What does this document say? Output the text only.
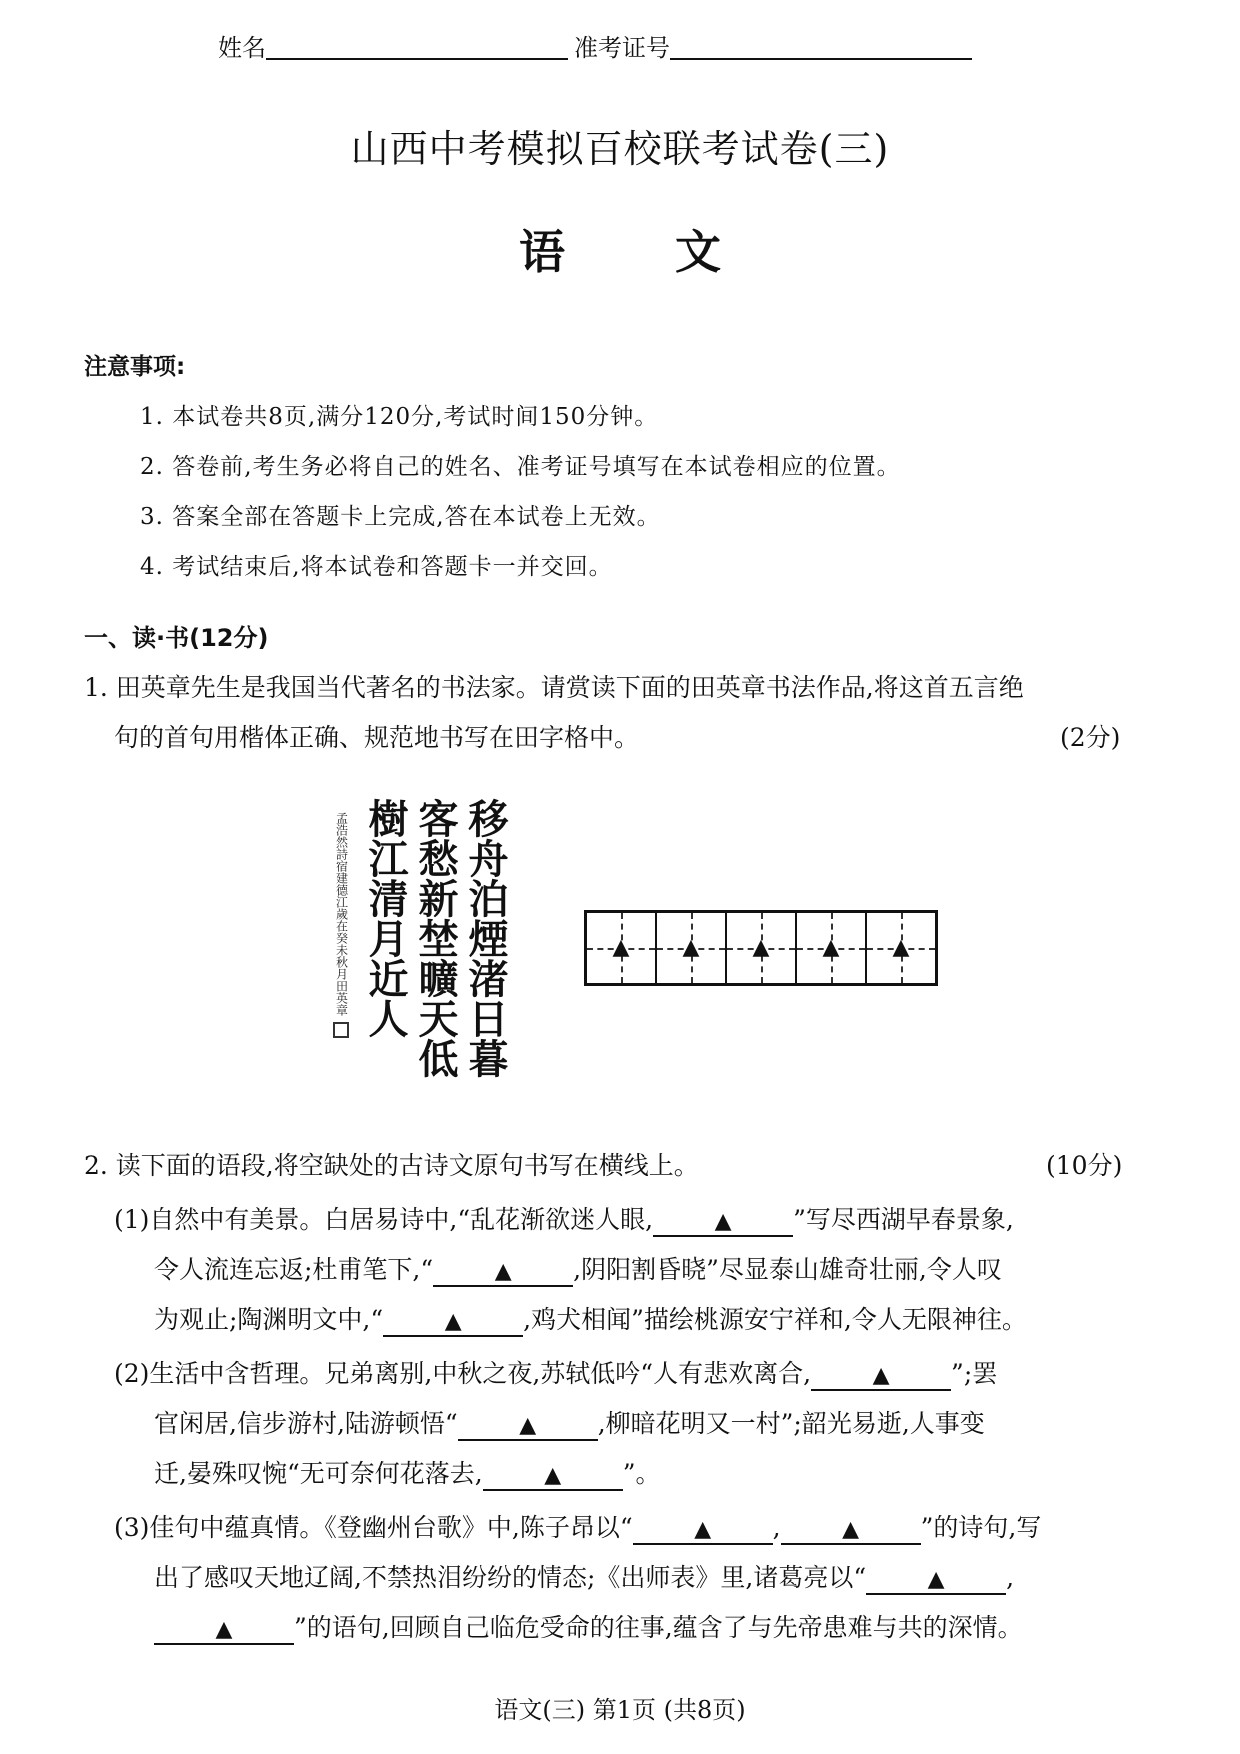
姓名	准考证号
山西中考模拟百校联考试卷(三)
语文
注意事项:
1. 本试卷共8页,满分120分,考试时间150分钟。
2. 答卷前,考生务必将自己的姓名、准考证号填写在本试卷相应的位置。
3. 答案全部在答题卡上完成,答在本试卷上无效。
4. 考试结束后,将本试卷和答题卡一并交回。
一、读·书(12分)
1. 田英章先生是我国当代著名的书法家。请赏读下面的田英章书法作品,将这首五言绝
句的首句用楷体正确、规范地书写在田字格中。	(2分)
孟浩然詩宿建德江歲在癸未秋月田英章 樹江清月近人 客愁新埜曠天低 移舟泊煙渚日暮	▲ ▲ ▲ ▲ ▲
2. 读下面的语段,将空缺处的古诗文原句书写在横线上。	(10分)
(1)自然中有美景。白居易诗中,“乱花渐欲迷人眼,	▲ ”写尽西湖早春景象,
令人流连忘返;杜甫笔下,“	▲ ,阴阳割昏晓”尽显泰山雄奇壮丽,令人叹
为观止;陶渊明文中,“	▲ ,鸡犬相闻”描绘桃源安宁祥和,令人无限神往。
(2)生活中含哲理。兄弟离别,中秋之夜,苏轼低吟“人有悲欢离合,	▲ ”;罢
官闲居,信步游村,陆游顿悟“	▲ ,柳暗花明又一村”;韶光易逝,人事变
迁,晏殊叹惋“无可奈何花落去,	▲ ”。
(3)佳句中蕴真情。《登幽州台歌》中,陈子昂以“	▲ ,	▲ ”的诗句,写
出了感叹天地辽阔,不禁热泪纷纷的情态;《出师表》里,诸葛亮以“	▲ ,
▲ ”的语句,回顾自己临危受命的往事,蕴含了与先帝患难与共的深情。
语文(三) 第1页 (共8页)
